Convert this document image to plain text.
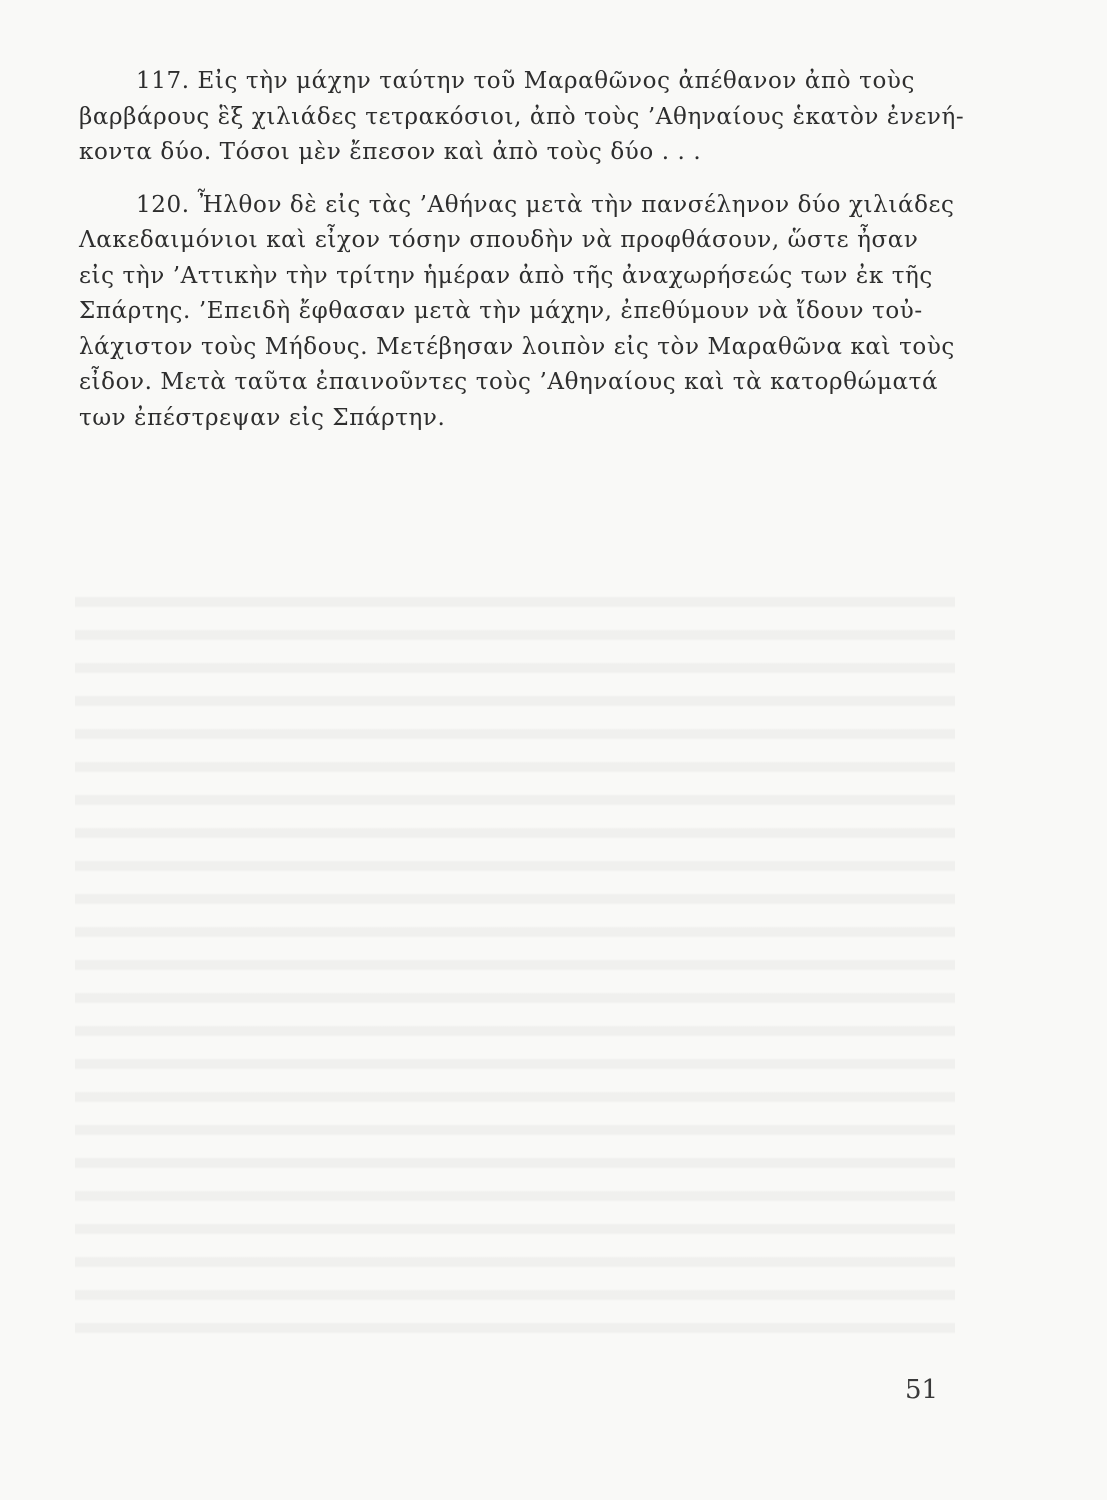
117. Εἰς τὴν μάχην ταύτην τοῦ Μαραθῶνος ἀπέθανον ἀπὸ τοὺς
βαρβάρους ἓξ χιλιάδες τετρακόσιοι, ἀπὸ τοὺς ’Αθηναίους ἑκατὸν ἐνενή-
κοντα δύο. Τόσοι μὲν ἔπεσον καὶ ἀπὸ τοὺς δύο . . .
120. Ἦλθον δὲ εἰς τὰς ’Αθήνας μετὰ τὴν πανσέληνον δύο χιλιάδες
Λακεδαιμόνιοι καὶ εἶχον τόσην σπουδὴν νὰ προφθάσουν, ὥστε ἦσαν
εἰς τὴν ’Αττικὴν τὴν τρίτην ἡμέραν ἀπὸ τῆς ἀναχωρήσεώς των ἐκ τῆς
Σπάρτης. ’Επειδὴ ἔφθασαν μετὰ τὴν μάχην, ἐπεθύμουν νὰ ἴδουν τοὐ-
λάχιστον τοὺς Μήδους. Μετέβησαν λοιπὸν εἰς τὸν Μαραθῶνα καὶ τοὺς
εἶδον. Μετὰ ταῦτα ἐπαινοῦντες τοὺς ’Αθηναίους καὶ τὰ κατορθώματά
των ἐπέστρεψαν εἰς Σπάρτην.
51
